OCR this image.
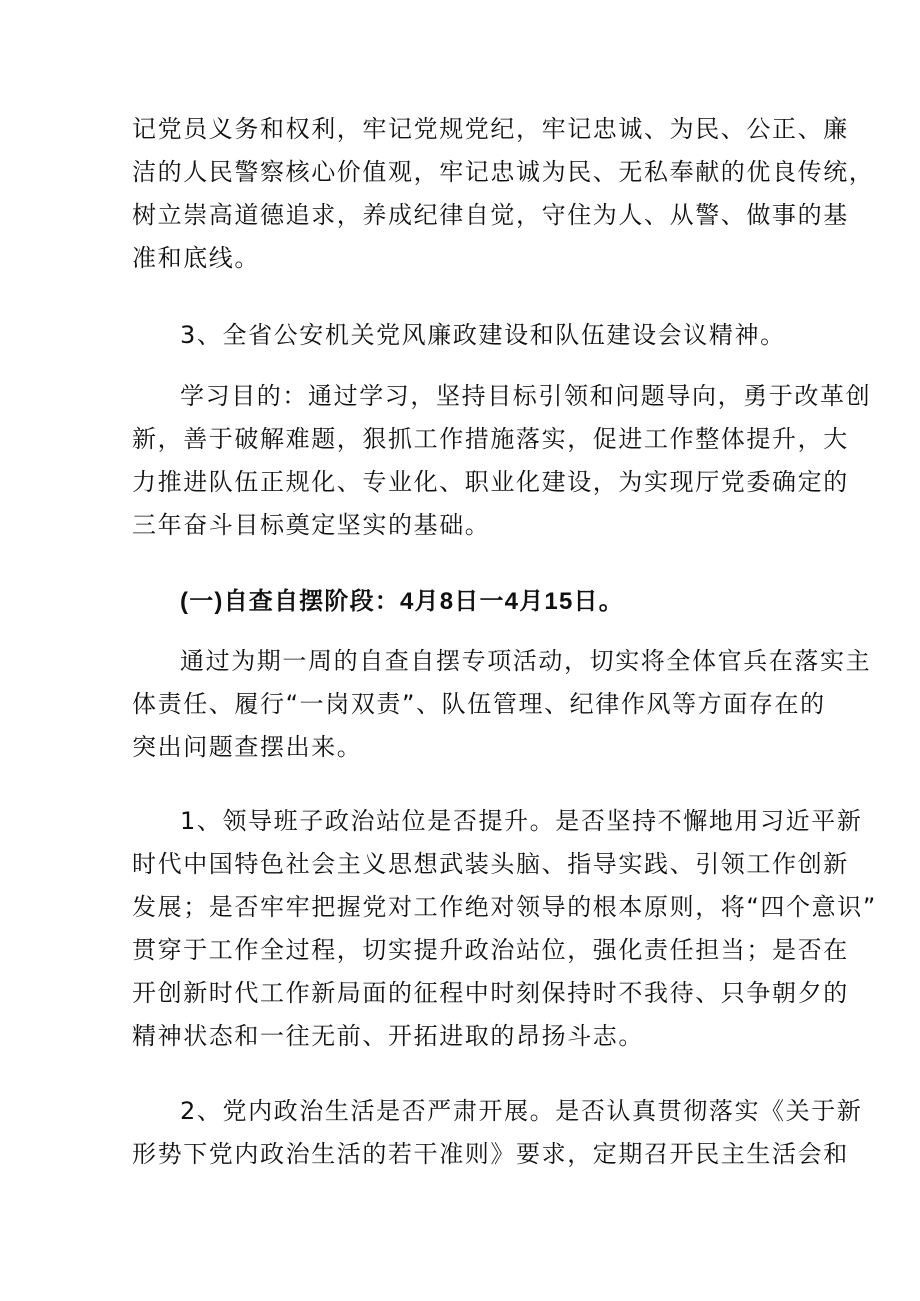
记党员义务和权利，牢记党规党纪，牢记忠诚、为民、公正、廉
洁的人民警察核心价值观，牢记忠诚为民、无私奉献的优良传统，
树立崇高道德追求，养成纪律自觉，守住为人、从警、做事的基
准和底线。

3、全省公安机关党风廉政建设和队伍建设会议精神。

学习目的：通过学习，坚持目标引领和问题导向，勇于改革创
新，善于破解难题，狠抓工作措施落实，促进工作整体提升，大
力推进队伍正规化、专业化、职业化建设，为实现厅党委确定的
三年奋斗目标奠定坚实的基础。

(一)自查自摆阶段：4月8日一4月15日。

通过为期一周的自查自摆专项活动，切实将全体官兵在落实主
体责任、履行“一岗双责”、队伍管理、纪律作风等方面存在的
突出问题查摆出来。

1、领导班子政治站位是否提升。是否坚持不懈地用习近平新
时代中国特色社会主义思想武装头脑、指导实践、引领工作创新
发展；是否牢牢把握党对工作绝对领导的根本原则，将“四个意识”
贯穿于工作全过程，切实提升政治站位，强化责任担当；是否在
开创新时代工作新局面的征程中时刻保持时不我待、只争朝夕的
精神状态和一往无前、开拓进取的昂扬斗志。

2、党内政治生活是否严肃开展。是否认真贯彻落实《关于新
形势下党内政治生活的若干准则》要求，定期召开民主生活会和
